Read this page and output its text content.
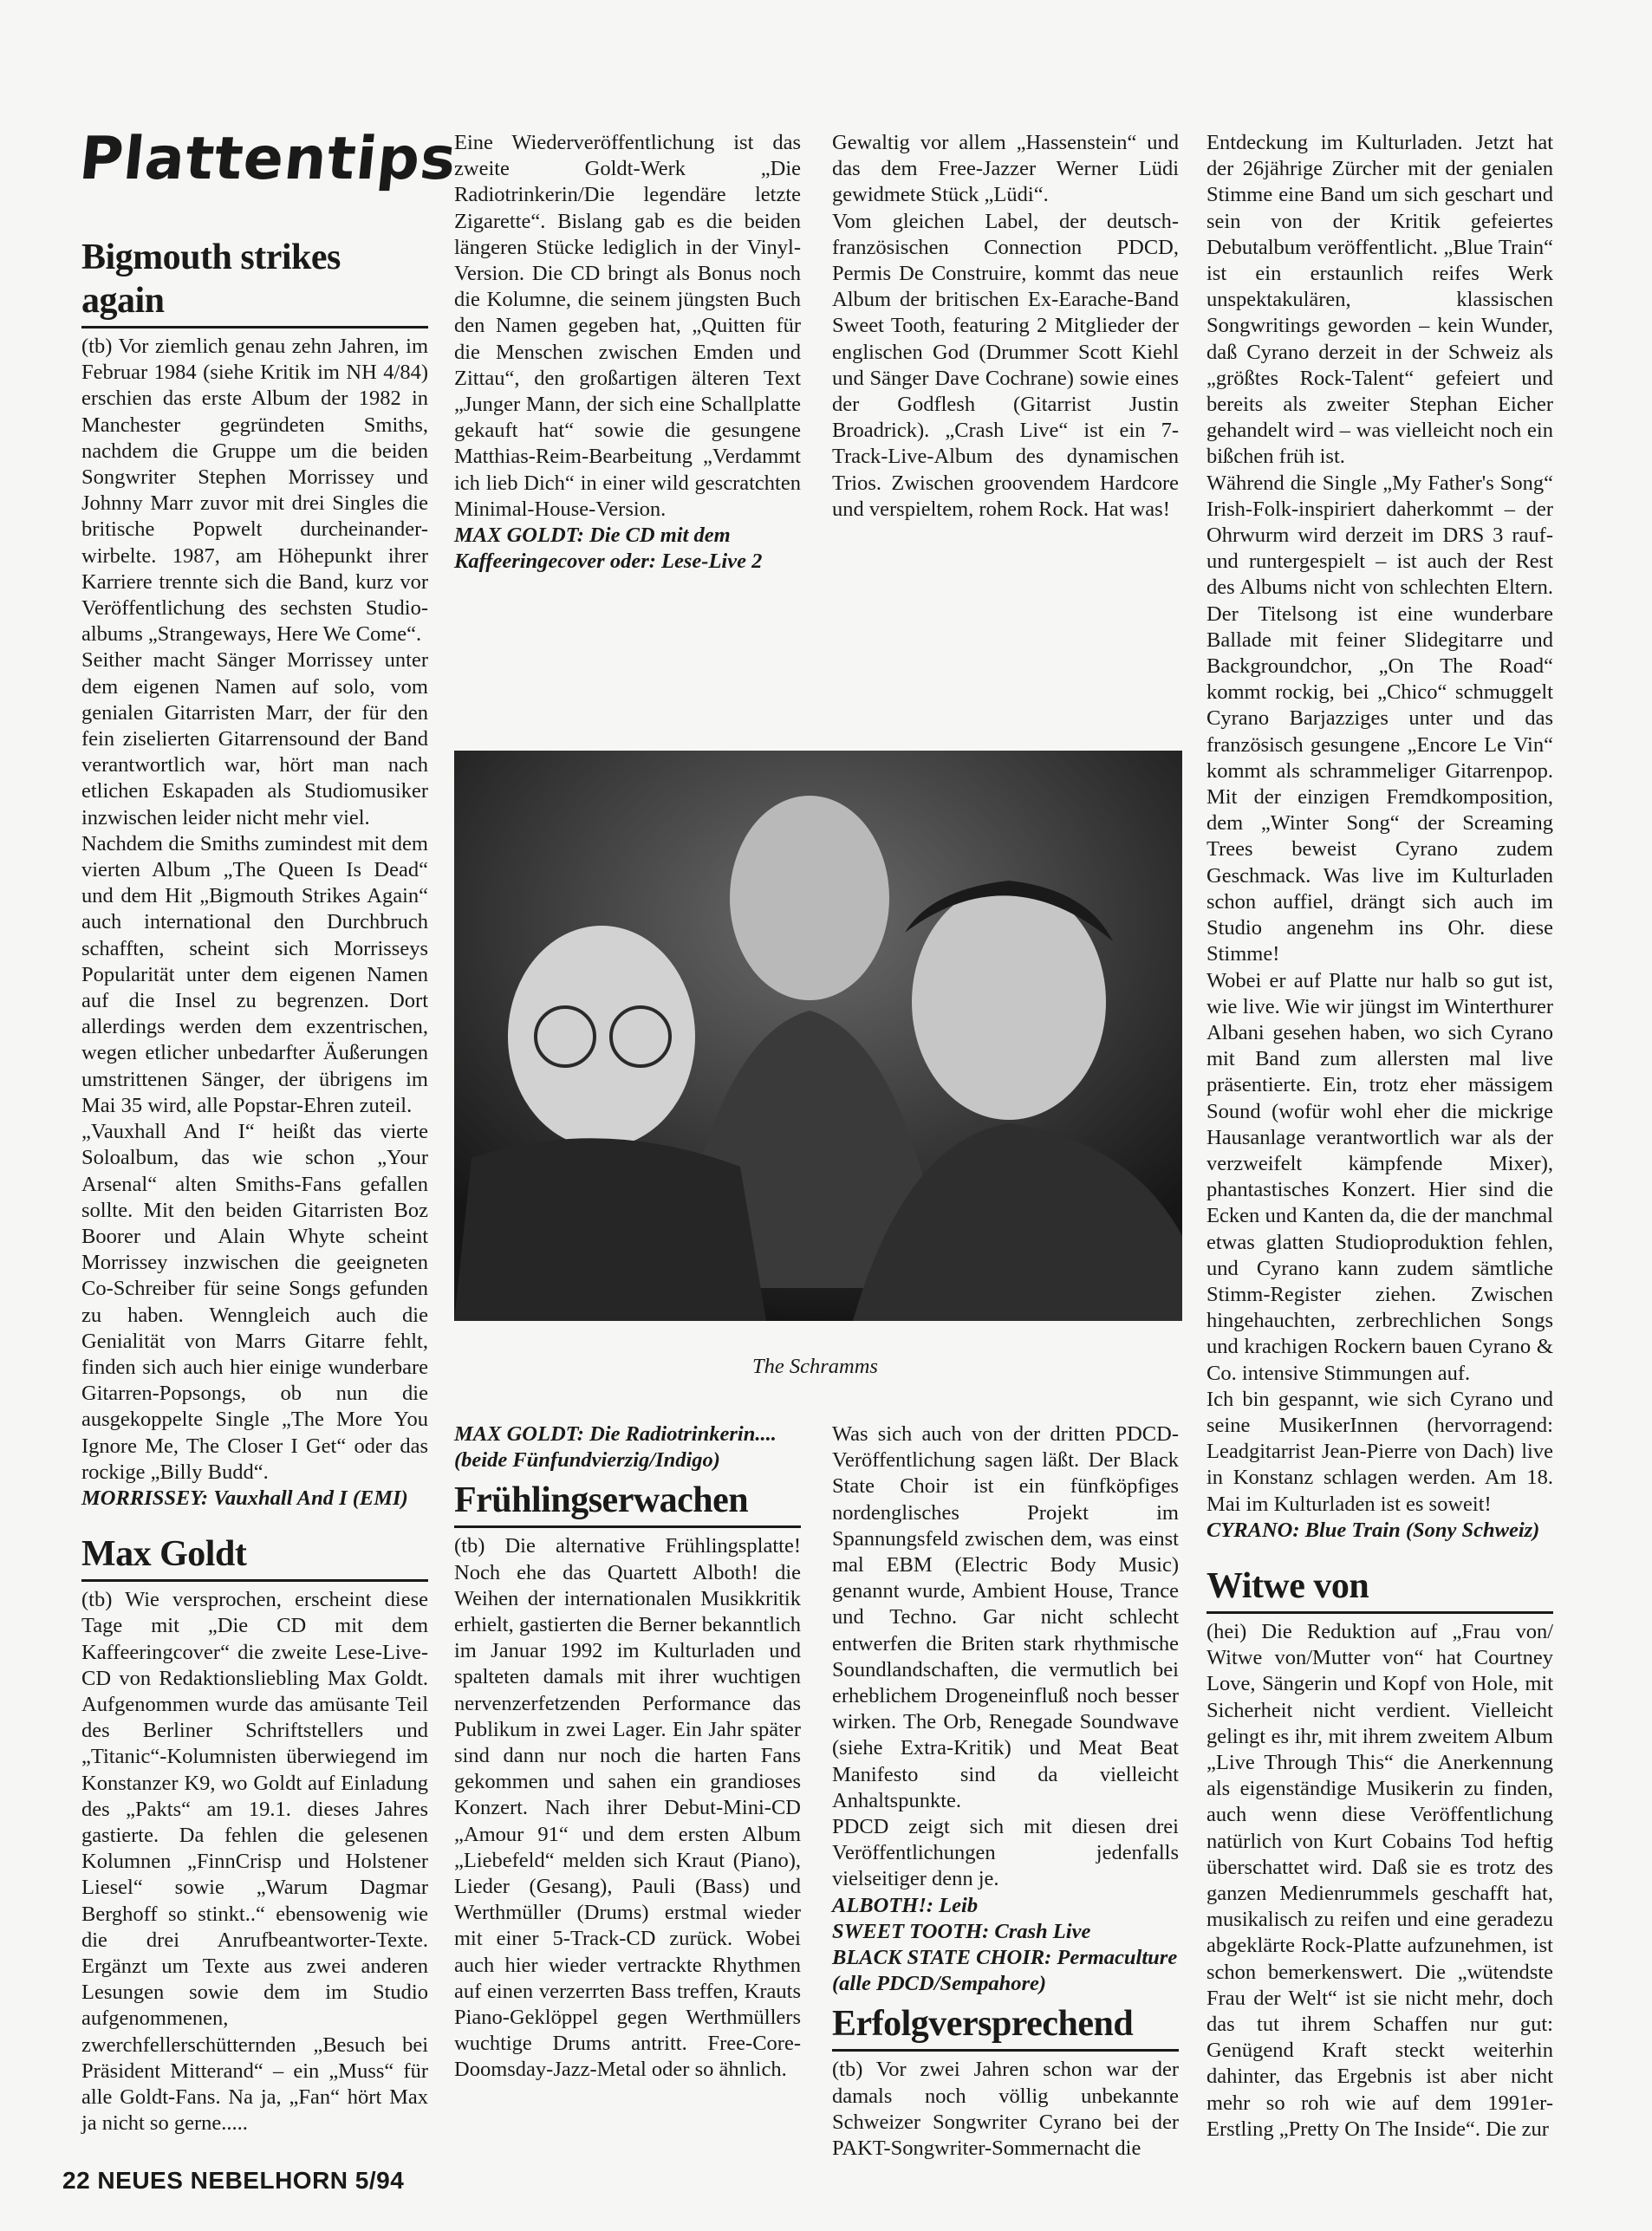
Plattentips
Bigmouth strikes again

(tb) Vor ziemlich genau zehn Jahren, im Februar 1984 (siehe Kritik im NH 4/84) erschien das erste Album der 1982 in Manchester gegründeten Smiths, nachdem die Gruppe um die beiden Songwriter Stephen Morrissey und Johnny Marr zuvor mit drei Singles die britische Popwelt durcheinander-wirbelte. 1987, am Höhepunkt ihrer Karriere trennte sich die Band, kurz vor Veröffentlichung des sechsten Studio-albums „Strangeways, Here We Come“.

Seither macht Sänger Morrissey unter dem eigenen Namen auf solo, vom genialen Gitarristen Marr, der für den fein ziselierten Gitarrensound der Band verantwortlich war, hört man nach etlichen Eskapaden als Studiomusiker inzwischen leider nicht mehr viel.

Nachdem die Smiths zumindest mit dem vierten Album „The Queen Is Dead“ und dem Hit „Bigmouth Strikes Again“ auch international den Durchbruch schafften, scheint sich Morrisseys Popularität unter dem eigenen Namen auf die Insel zu begrenzen. Dort allerdings werden dem exzentrischen, wegen etlicher unbedarfter Äußerungen umstrittenen Sänger, der übrigens im Mai 35 wird, alle Popstar-Ehren zuteil.

„Vauxhall And I“ heißt das vierte Soloalbum, das wie schon „Your Arsenal“ alten Smiths-Fans gefallen sollte. Mit den beiden Gitarristen Boz Boorer und Alain Whyte scheint Morrissey inzwischen die geeigneten Co-Schreiber für seine Songs gefunden zu haben. Wenngleich auch die Genialität von Marrs Gitarre fehlt, finden sich auch hier einige wunderbare Gitarren-Popsongs, ob nun die ausgekoppelte Single „The More You Ignore Me, The Closer I Get“ oder das rockige „Billy Budd“.

MORRISSEY: Vauxhall And I (EMI)

Max Goldt

(tb) Wie versprochen, erscheint diese Tage mit „Die CD mit dem Kaffeeringcover“ die zweite Lese-Live-CD von Redaktionsliebling Max Goldt. Aufgenommen wurde das amüsante Teil des Berliner Schriftstellers und „Titanic“-Kolumnisten überwiegend im Konstanzer K9, wo Goldt auf Einladung des „Pakts“ am 19.1. dieses Jahres gastierte. Da fehlen die gelesenen Kolumnen „FinnCrisp und Holstener Liesel“ sowie „Warum Dagmar Berghoff so stinkt..“ ebensowenig wie die drei Anrufbeantworter-Texte. Ergänzt um Texte aus zwei anderen Lesungen sowie dem im Studio aufgenommenen, zwerchfellerschütternden „Besuch bei Präsident Mitterand“ – ein „Muss“ für alle Goldt-Fans. Na ja, „Fan“ hört Max ja nicht so gerne.....

Eine Wiederveröffentlichung ist das zweite Goldt-Werk „Die Radiotrinkerin/Die legendäre letzte Zigarette“. Bislang gab es die beiden längeren Stücke lediglich in der Vinyl-Version. Die CD bringt als Bonus noch die Kolumne, die seinem jüngsten Buch den Namen gegeben hat, „Quitten für die Menschen zwischen Emden und Zittau“, den großartigen älteren Text „Junger Mann, der sich eine Schallplatte gekauft hat“ sowie die gesungene Matthias-Reim-Bearbeitung „Verdammt ich lieb Dich“ in einer wild gescratchten Minimal-House-Version.

MAX GOLDT: Die CD mit dem Kaffeeringecover oder: Lese-Live 2

Gewaltig vor allem „Hassenstein“ und das dem Free-Jazzer Werner Lüdi gewidmete Stück „Lüdi“.

Vom gleichen Label, der deutsch-französischen Connection PDCD, Permis De Construire, kommt das neue Album der britischen Ex-Earache-Band Sweet Tooth, featuring 2 Mitglieder der englischen God (Drummer Scott Kiehl und Sänger Dave Cochrane) sowie eines der Godflesh (Gitarrist Justin Broadrick). „Crash Live“ ist ein 7-Track-Live-Album des dynamischen Trios. Zwischen groovendem Hardcore und verspieltem, rohem Rock. Hat was!

The Schramms

MAX GOLDT: Die Radiotrinkerin....(beide Fünfundvierzig/Indigo)

Frühlingserwachen

(tb) Die alternative Frühlingsplatte! Noch ehe das Quartett Alboth! die Weihen der internationalen Musikkritik erhielt, gastierten die Berner bekanntlich im Januar 1992 im Kulturladen und spalteten damals mit ihrer wuchtigen nervenzerfetzenden Performance das Publikum in zwei Lager. Ein Jahr später sind dann nur noch die harten Fans gekommen und sahen ein grandioses Konzert. Nach ihrer Debut-Mini-CD „Amour 91“ und dem ersten Album „Liebefeld“ melden sich Kraut (Piano), Lieder (Gesang), Pauli (Bass) und Werthmüller (Drums) erstmal wieder mit einer 5-Track-CD zurück. Wobei auch hier wieder vertrackte Rhythmen auf einen verzerrten Bass treffen, Krauts Piano-Geklöppel gegen Werthmüllers wuchtige Drums antritt. Free-Core-Doomsday-Jazz-Metal oder so ähnlich.

Was sich auch von der dritten PDCD-Veröffentlichung sagen läßt. Der Black State Choir ist ein fünfköpfiges nordenglisches Projekt im Spannungsfeld zwischen dem, was einst mal EBM (Electric Body Music) genannt wurde, Ambient House, Trance und Techno. Gar nicht schlecht entwerfen die Briten stark rhythmische Soundlandschaften, die vermutlich bei erheblichem Drogeneinfluß noch besser wirken. The Orb, Renegade Soundwave (siehe Extra-Kritik) und Meat Beat Manifesto sind da vielleicht Anhaltspunkte.

PDCD zeigt sich mit diesen drei Veröffentlichungen jedenfalls vielseitiger denn je.

ALBOTH!: Leib

SWEET TOOTH: Crash Live

BLACK STATE CHOIR: Permaculture (alle PDCD/Sempahore)

Erfolgversprechend

(tb) Vor zwei Jahren schon war der damals noch völlig unbekannte Schweizer Songwriter Cyrano bei der PAKT-Songwriter-Sommernacht die

Entdeckung im Kulturladen. Jetzt hat der 26jährige Zürcher mit der genialen Stimme eine Band um sich geschart und sein von der Kritik gefeiertes Debutalbum veröffentlicht. „Blue Train“ ist ein erstaunlich reifes Werk unspektakulären, klassischen Songwritings geworden – kein Wunder, daß Cyrano derzeit in der Schweiz als „größtes Rock-Talent“ gefeiert und bereits als zweiter Stephan Eicher gehandelt wird – was vielleicht noch ein bißchen früh ist.

Während die Single „My Father's Song“ Irish-Folk-inspiriert daherkommt – der Ohrwurm wird derzeit im DRS 3 rauf- und runtergespielt – ist auch der Rest des Albums nicht von schlechten Eltern. Der Titelsong ist eine wunderbare Ballade mit feiner Slidegitarre und Backgroundchor, „On The Road“ kommt rockig, bei „Chico“ schmuggelt Cyrano Barjazziges unter und das französisch gesungene „Encore Le Vin“ kommt als schrammeliger Gitarrenpop. Mit der einzigen Fremdkomposition, dem „Winter Song“ der Screaming Trees beweist Cyrano zudem Geschmack. Was live im Kulturladen schon auffiel, drängt sich auch im Studio angenehm ins Ohr. diese Stimme!

Wobei er auf Platte nur halb so gut ist, wie live. Wie wir jüngst im Winterthurer Albani gesehen haben, wo sich Cyrano mit Band zum allersten mal live präsentierte. Ein, trotz eher mässigem Sound (wofür wohl eher die mickrige Hausanlage verantwortlich war als der verzweifelt kämpfende Mixer), phantastisches Konzert. Hier sind die Ecken und Kanten da, die der manchmal etwas glatten Studioproduktion fehlen, und Cyrano kann zudem sämtliche Stimm-Register ziehen. Zwischen hingehauchten, zerbrechlichen Songs und krachigen Rockern bauen Cyrano & Co. intensive Stimmungen auf.

Ich bin gespannt, wie sich Cyrano und seine MusikerInnen (hervorragend: Leadgitarrist Jean-Pierre von Dach) live in Konstanz schlagen werden. Am 18. Mai im Kulturladen ist es soweit!

CYRANO: Blue Train (Sony Schweiz)

Witwe von

(hei) Die Reduktion auf „Frau von/ Witwe von/Mutter von“ hat Courtney Love, Sängerin und Kopf von Hole, mit Sicherheit nicht verdient. Vielleicht gelingt es ihr, mit ihrem zweitem Album „Live Through This“ die Anerkennung als eigenständige Musikerin zu finden, auch wenn diese Veröffentlichung natürlich von Kurt Cobains Tod heftig überschattet wird. Daß sie es trotz des ganzen Medienrummels geschafft hat, musikalisch zu reifen und eine geradezu abgeklärte Rock-Platte aufzunehmen, ist schon bemerkenswert. Die „wütendste Frau der Welt“ ist sie nicht mehr, doch das tut ihrem Schaffen nur gut: Genügend Kraft steckt weiterhin dahinter, das Ergebnis ist aber nicht mehr so roh wie auf dem 1991er-Erstling „Pretty On The Inside“. Die zur

22 NEUES NEBELHORN 5/94
